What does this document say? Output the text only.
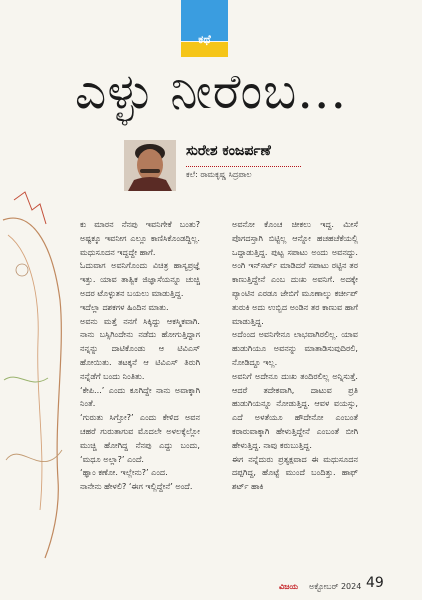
ಕಥೆ
ಎಳ್ಳು ನೀರೆಂಬ...
ಸುರೇಶ ಕಂಜರ್ಪಣೆ
ಕಲೆ: ರಾಮಕೃಷ್ಣ ಸಿದ್ರಪಾಲ

ಕು ಮಾರನ ನೆನಪು ಇವನಿಗೇಕೆ ಬಂತು? ಅಷ್ಟಕ್ಕೂ ಇವನೀಗ ಎಲ್ಲೂ ಕಾಣಿಸಿಕೊಂಡದ್ದಿಲ್ಲ. ಮಧುಸೂದನ ಇದ್ದದ್ದೇ ಹಾಗೆ.

ಓದುವಾಗ ಅವನಿಗೊಂದು ವಿಚಿತ್ರ ಹಾಸ್ಯಪ್ರಜ್ಞೆ ಇತ್ತು. ಯಾವ ತಾತ್ವಿಕ ಜಿಜ್ಞಾಸೆಯನ್ನೂ ಚುಚ್ಚಿ ಅದರ ಟೊಳ್ಳುತನ ಬಯಲು ಮಾಡುತ್ತಿದ್ದ.

ಇದೆಲ್ಲಾ ದಶಕಗಳ ಹಿಂದಿನ ಮಾತು.

ಅವನು ಮತ್ತೆ ನನಗೆ ಸಿಕ್ಕಿದ್ದು ಆಕಸ್ಮಿಕವಾಗಿ. ನಾನು ಬಸ್ಸಿಗಿಂದೇನು ನಡೆದು ಹೋಗುತ್ತಿದ್ದಾಗ ನನ್ನನ್ನು ದಾಟಿಕೊಂಡು ಆ ಟಿವಿಎಸ್ ಹೋಯಿತು. ತಟಕ್ಕನೆ ಆ ಟಿವಿಎಸ್ ತಿರುಗಿ ನನ್ನೆಡೆಗೆ ಬಂದು ನಿಂತಿತು.

‘ಕೇಪಿ...’ ಎಂದು ಕೂಗಿದ್ದೇ ನಾನು ಅವಾಕ್ಕಾಗಿ ನಿಂತೆ.

‘ಗುರುತು ಸಿಗ್ತೋ?’ ಎಂದು ಕೇಳಿದ ಅವನ ಚಹರೆ ಗುರುತಾಗುವ ಮೊದಲೇ ಅಳಲಕ್ಕೆಲ್ಲೋ ಮುಚ್ಚಿ ಹೋಗಿದ್ದ ನೆನಪು ಎದ್ದು ಬಂದು, ‘ಮಧೂ ಅಲ್ಲಾ?’ ಎಂದೆ.

‘ಹ್ಞಾಂ ಕಣೋ. ಇಲ್ಲೇನು?’ ಎಂದ.

ನಾನೇನು ಹೇಳಲಿ? ‘ಈಗ ಇಲ್ಲಿದ್ದೇನೆ’ ಅಂದೆ.

ಅವನೋ ಕೊಂಚ ಚೀಕಲು ಇದ್ದ. ಮೀಸೆ ಪೊಗದಸ್ತಾಗಿ ಬಿಟ್ಟಿಲ್ಲ ಆನ್ನೋ ಹಚಹಚೆಕೆಯಲ್ಲಿ ಒದ್ದಾಡುತ್ತಿದ್ದ. ಪುಟ್ಟ ಸಪಾಟು ಅಂದು ಅವನದ್ದು. ಅಂಗಿ ಇನ್‌ಸರ್ಟ್ ಮಾಡಿದರೆ ಸಪಾಟು ರಟ್ಟಿನ ತರ ಕಾಣುತ್ತಿದ್ದೇನೆ ಎಂಬ ದುಃಖ ಅವನಿಗೆ. ಅದಕ್ಕೇ ಪ್ಯಾಂಟಿನ ಎರಡೂ ಜೇಬಿಗೆ ಮೂಣಾಲ್ಕು ಕರ್ಚೀಪ್ ತುರುಕಿ ಅದು ಉಬ್ಬಿದ ಅಂಡಿನ ತರ ಕಾಣುವ ಹಾಗೆ ಮಾಡುತ್ತಿದ್ದ.

ಅದೆಂಂದ ಅವನಿಗೇನೂ ಲಾಭವಾಗಿರಲಿಲ್ಲ. ಯಾವ ಹುಡುಗಿಯೂ ಅವನನ್ನು ಮಾತಾಡಿಸುವುದಿರಲಿ, ನೋಡಿದ್ದೂ ಇಲ್ಲ.

ಅವನಿಗೆ ಅದೇನೂ ದುಃಖ ತಂದಿರಲಿಲ್ಲ ಅನ್ನಿಸುತ್ತೆ. ಆದರೆ ತದೇಕವಾಗಿ, ದಾಟುವ ಪ್ರತಿ ಹುಡುಗಿಯನ್ನೂ ನೋಡುತ್ತಿದ್ದ. ಆವಳ ವಯಸ್ಸು, ಎದೆ ಅಳತೆಯೂ ಹೌದೇನೋ ಎಂಬಂತೆ ಕರಾರುವಾಕ್ಕಾಗಿ ಹೇಳುತ್ತಿದ್ದೇನೆ ಎಂಬಂತೆ ಬೀಗಿ ಹೇಳುತ್ತಿದ್ದ. ನಾವು ಕರುಬುತ್ತಿದ್ದ.

ಈಗ ನನ್ನೆದುರು ಪ್ರತ್ಯಕ್ಷವಾದ ಈ ಮಧುಸೂದನ ದಪ್ಪಗಿದ್ದ, ಹೊಟ್ಟೆ ಮುಂದೆ ಬಂದಿತ್ತು. ಹಾಫ್ ಶರ್ಟ್ ಹಾಕಿ

ವಿಜಯ ಅಕ್ಟೋಬರ್ 2024 49
